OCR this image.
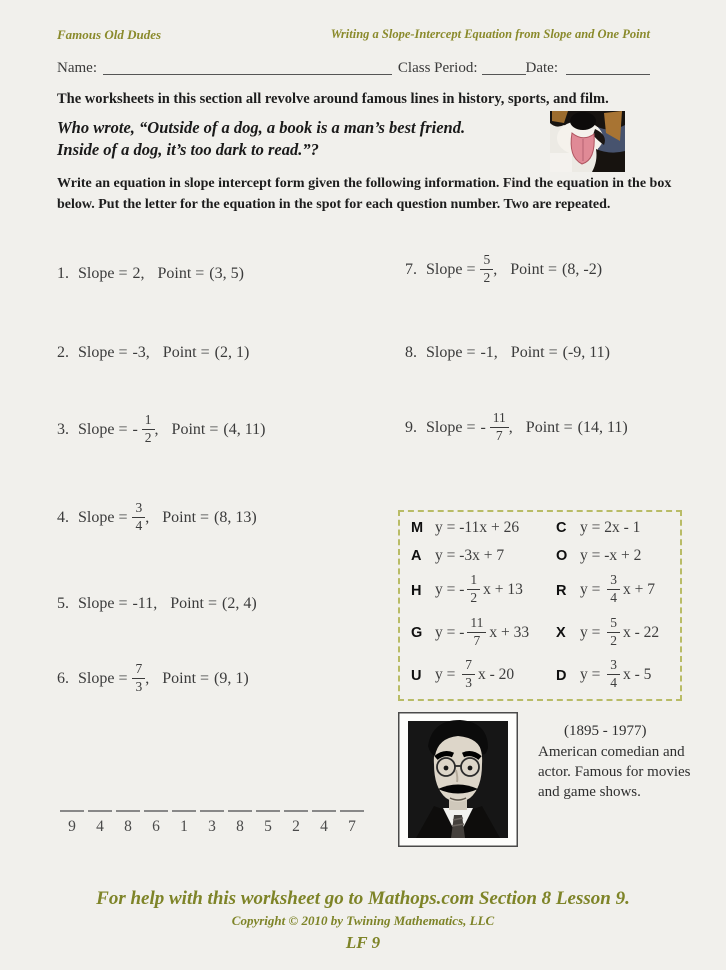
Famous Old Dudes	Writing a Slope-Intercept Equation from Slope and One Point
Name:	Class Period:	Date:
The worksheets in this section all revolve around famous lines in history, sports, and film.
Who wrote, “Outside of a dog, a book is a man’s best friend.
Inside of a dog, it’s too dark to read.”?
Write an equation in slope intercept form given the following information. Find the equation in the box below. Put the letter for the equation in the spot for each question number. Two are repeated.
1. Slope = 2, Point = (3, 5)
2. Slope = -3, Point = (2, 1)
3. Slope = - $\frac{1}{2}$ , Point = (4, 11)
4. Slope = $\frac{3}{4}$ , Point = (8, 13)
5. Slope = -11, Point = (2, 4)
6. Slope = $\frac{7}{3}$ , Point = (9, 1)
7. Slope = $\frac{5}{2}$ , Point = (8, -2)
8. Slope = -1, Point = (-9, 11)
9. Slope = - $\frac{11}{7}$ , Point = (14, 11)
M y = -11x + 26	C y = 2x - 1
A y = -3x + 7	O y = -x + 2
H y = - $\frac{1}{2}$ x + 13 R $y = \frac{3}{4}$ x + 7
G y = - $\frac{11}{7}$ x + 33 X $y = \frac{5}{2}$ x - 22
U $y = \frac{7}{3}$ x - 20	D $y = \frac{3}{4}$ x - 5
(1895 - 1977)
American comedian and actor. Famous for movies and game shows.
9	4	8	6	1	3	8	5	2	4	7
For help with this worksheet go to Mathops.com Section 8 Lesson 9.
Copyright © 2010 by Twining Mathematics, LLC
LF 9
